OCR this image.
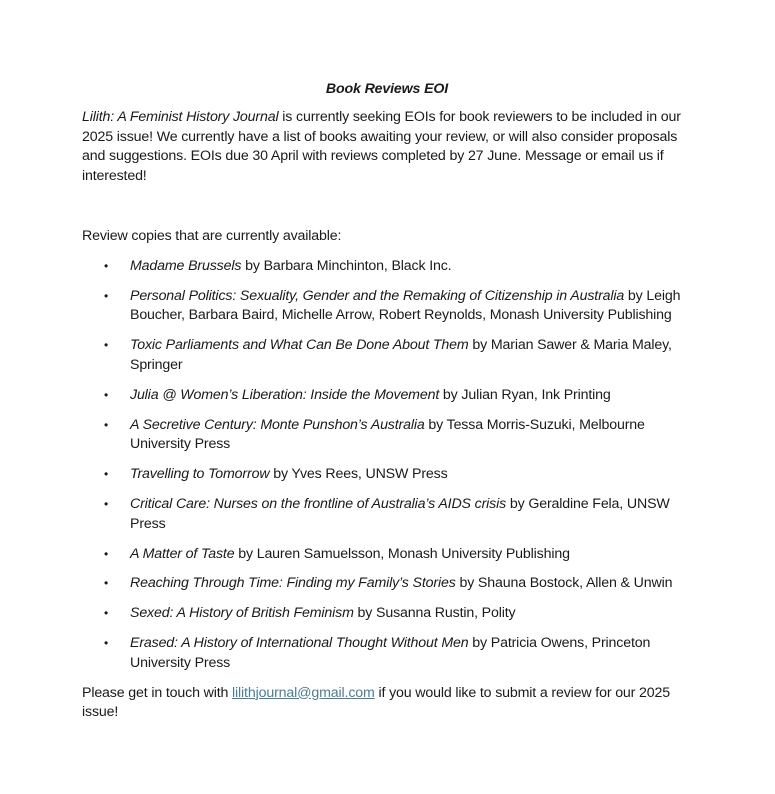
Book Reviews EOI

Lilith: A Feminist History Journal is currently seeking EOIs for book reviewers to be included in our 2025 issue! We currently have a list of books awaiting your review, or will also consider proposals and suggestions. EOIs due 30 April with reviews completed by 27 June. Message or email us if interested!

Review copies that are currently available:

• Madame Brussels by Barbara Minchinton, Black Inc.
• Personal Politics: Sexuality, Gender and the Remaking of Citizenship in Australia by Leigh Boucher, Barbara Baird, Michelle Arrow, Robert Reynolds, Monash University Publishing
• Toxic Parliaments and What Can Be Done About Them by Marian Sawer & Maria Maley, Springer
• Julia @ Women’s Liberation: Inside the Movement by Julian Ryan, Ink Printing
• A Secretive Century: Monte Punshon’s Australia by Tessa Morris-Suzuki, Melbourne University Press
• Travelling to Tomorrow by Yves Rees, UNSW Press
• Critical Care: Nurses on the frontline of Australia’s AIDS crisis by Geraldine Fela, UNSW Press
• A Matter of Taste by Lauren Samuelsson, Monash University Publishing
• Reaching Through Time: Finding my Family’s Stories by Shauna Bostock, Allen & Unwin
• Sexed: A History of British Feminism by Susanna Rustin, Polity
• Erased: A History of International Thought Without Men by Patricia Owens, Princeton University Press

Please get in touch with lilithjournal@gmail.com if you would like to submit a review for our 2025 issue!
